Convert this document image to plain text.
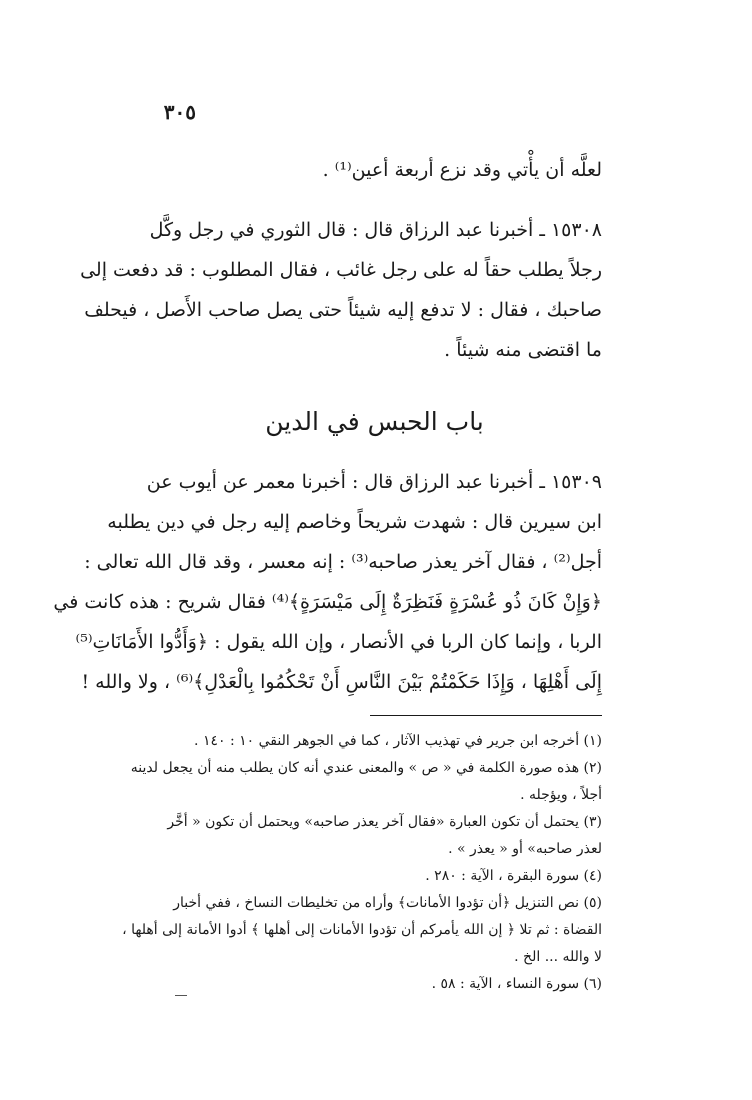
٣٠٥
لعلَّه أن يأْتي وقد نزع أربعة أعين⁽¹⁾ .
١٥٣٠٨ ـ أخبرنا عبد الرزاق قال : قال الثوري في رجل وكَّل
رجلاً يطلب حقاً له على رجل غائب ، فقال المطلوب : قد دفعت إلى
صاحبك ، فقال : لا تدفع إليه شيئاً حتى يصل صاحب الأَصل ، فيحلف
ما اقتضى منه شيئاً .
باب الحبس في الدين
١٥٣٠٩ ـ أخبرنا عبد الرزاق قال : أخبرنا معمر عن أيوب عن
ابن سيرين قال : شهدت شريحاً وخاصم إليه رجل في دين يطلبه
أجل⁽²⁾ ، فقال آخر يعذر صاحبه⁽³⁾ : إنه معسر ، وقد قال الله تعالى :
﴿وَإِنْ كَانَ ذُو عُسْرَةٍ فَنَظِرَةٌ إِلَى مَيْسَرَةٍ﴾⁽⁴⁾ فقال شريح : هذه كانت في
الربا ، وإنما كان الربا في الأنصار ، وإن الله يقول : ﴿وَأَدُّوا الأَمَانَاتِ⁽⁵⁾
إِلَى أَهْلِهَا ، وَإِذَا حَكَمْتُمْ بَيْنَ النَّاسِ أَنْ تَحْكُمُوا بِالْعَدْلِ﴾⁽⁶⁾ ، ولا والله !
(١) أخرجه ابن جرير في تهذيب الآثار ، كما في الجوهر النقي ١٠ : ١٤٠ .
(٢) هذه صورة الكلمة في « ص » والمعنى عندي أنه كان يطلب منه أن يجعل لدينه
أجلاً ، ويؤجله .
(٣) يحتمل أن تكون العبارة «فقال آخر يعذر صاحبه» ويحتمل أن تكون « أخَّر
لعذر صاحبه» أو « يعذر » .
(٤) سورة البقرة ، الآية : ٢٨٠ .
(٥) نص التنزيل ﴿أن تؤدوا الأمانات﴾ وأراه من تخليطات النساخ ، ففي أخبار
القضاة : ثم تلا ﴿ إن الله يأمركم أن تؤدوا الأمانات إلى أهلها ﴾ أدوا الأمانة إلى أهلها ،
لا والله ... الخ .
(٦) سورة النساء ، الآية : ٥٨ .
